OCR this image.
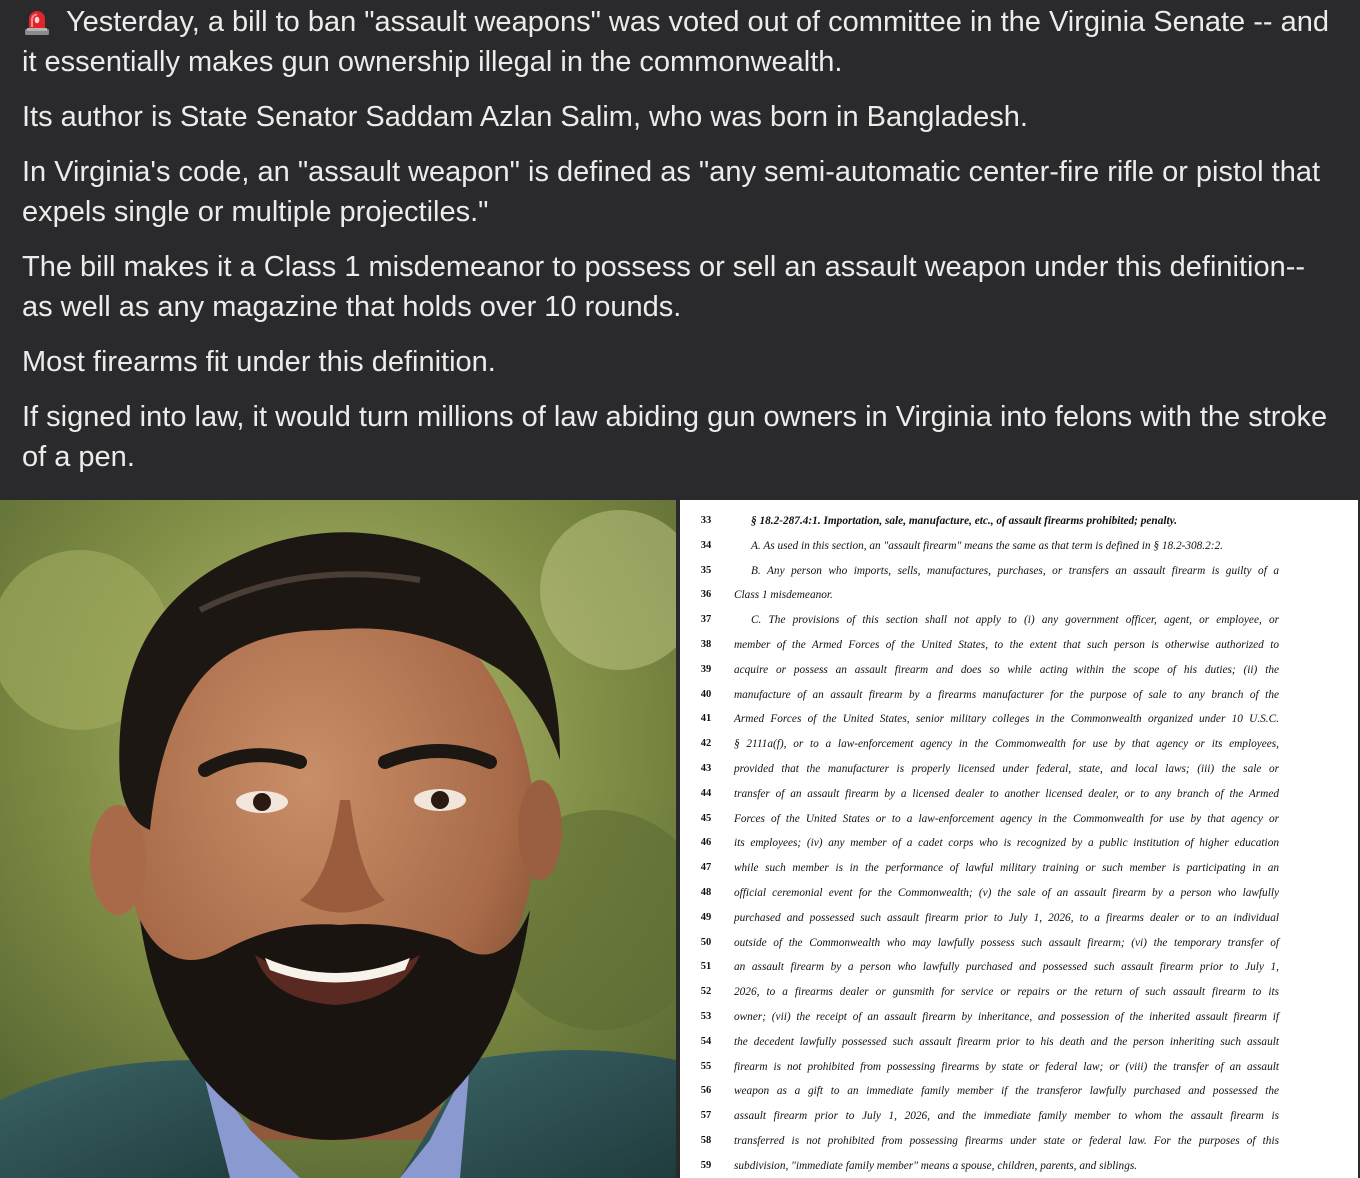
Yesterday, a bill to ban "assault weapons" was voted out of committee in the Virginia Senate -- and it essentially makes gun ownership illegal in the commonwealth.

Its author is State Senator Saddam Azlan Salim, who was born in Bangladesh.

In Virginia's code, an "assault weapon" is defined as "any semi-automatic center-fire rifle or pistol that expels single or multiple projectiles."

The bill makes it a Class 1 misdemeanor to possess or sell an assault weapon under this definition-- as well as any magazine that holds over 10 rounds.

Most firearms fit under this definition.

If signed into law, it would turn millions of law abiding gun owners in Virginia into felons with the stroke of a pen.

33	§ 18.2-287.4:1. Importation, sale, manufacture, etc., of assault firearms prohibited; penalty.
34	A. As used in this section, an "assault firearm" means the same as that term is defined in § 18.2-308.2:2.
35	B. Any person who imports, sells, manufactures, purchases, or transfers an assault firearm is guilty of a
36	Class 1 misdemeanor.
37	C. The provisions of this section shall not apply to (i) any government officer, agent, or employee, or
38	member of the Armed Forces of the United States, to the extent that such person is otherwise authorized to
39	acquire or possess an assault firearm and does so while acting within the scope of his duties; (ii) the
40	manufacture of an assault firearm by a firearms manufacturer for the purpose of sale to any branch of the
41	Armed Forces of the United States, senior military colleges in the Commonwealth organized under 10 U.S.C.
42	§ 2111a(f), or to a law-enforcement agency in the Commonwealth for use by that agency or its employees,
43	provided that the manufacturer is properly licensed under federal, state, and local laws; (iii) the sale or
44	transfer of an assault firearm by a licensed dealer to another licensed dealer, or to any branch of the Armed
45	Forces of the United States or to a law-enforcement agency in the Commonwealth for use by that agency or
46	its employees; (iv) any member of a cadet corps who is recognized by a public institution of higher education
47	while such member is in the performance of lawful military training or such member is participating in an
48	official ceremonial event for the Commonwealth; (v) the sale of an assault firearm by a person who lawfully
49	purchased and possessed such assault firearm prior to July 1, 2026, to a firearms dealer or to an individual
50	outside of the Commonwealth who may lawfully possess such assault firearm; (vi) the temporary transfer of
51	an assault firearm by a person who lawfully purchased and possessed such assault firearm prior to July 1,
52	2026, to a firearms dealer or gunsmith for service or repairs or the return of such assault firearm to its
53	owner; (vii) the receipt of an assault firearm by inheritance, and possession of the inherited assault firearm if
54	the decedent lawfully possessed such assault firearm prior to his death and the person inheriting such assault
55	firearm is not prohibited from possessing firearms by state or federal law; or (viii) the transfer of an assault
56	weapon as a gift to an immediate family member if the transferor lawfully purchased and possessed the
57	assault firearm prior to July 1, 2026, and the immediate family member to whom the assault firearm is
58	transferred is not prohibited from possessing firearms under state or federal law. For the purposes of this
59	subdivision, "immediate family member" means a spouse, children, parents, and siblings.
